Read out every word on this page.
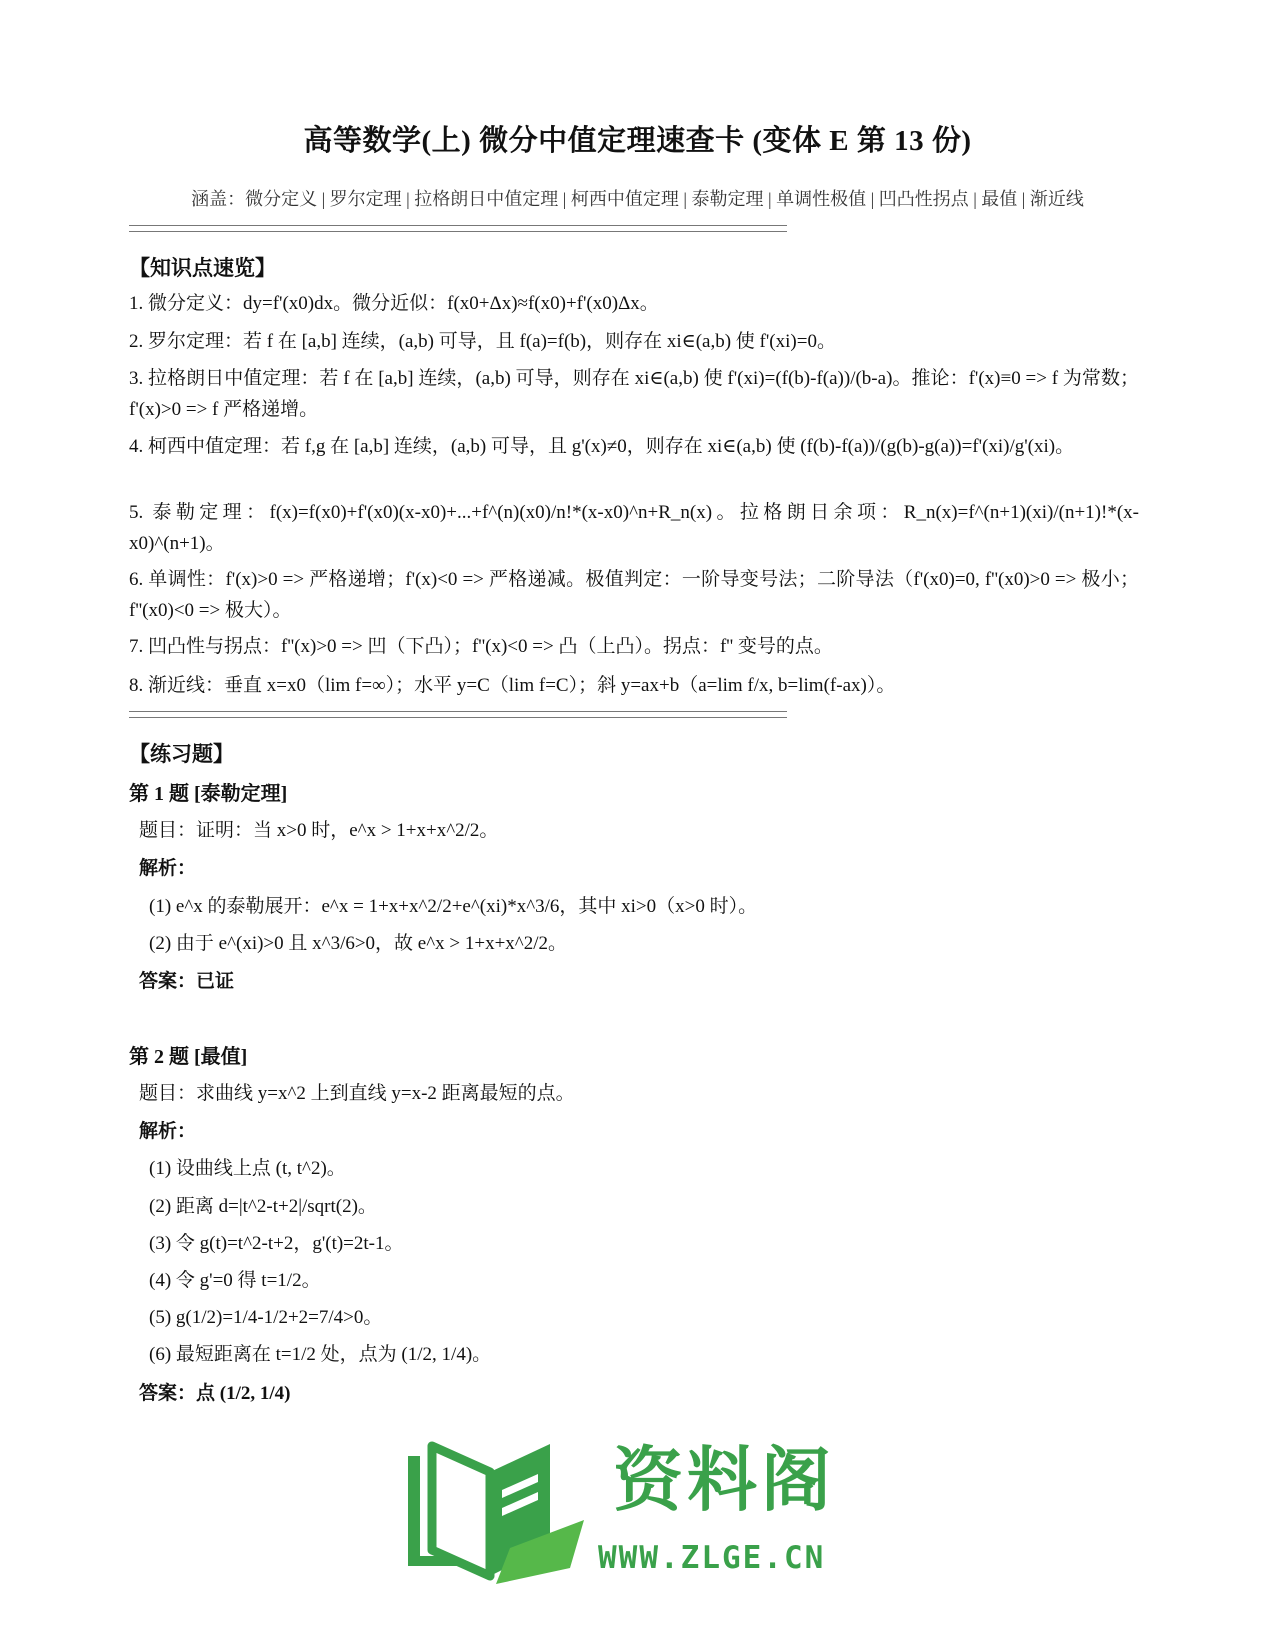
高等数学(上) 微分中值定理速查卡 (变体 E 第 13 份)
涵盖：微分定义 | 罗尔定理 | 拉格朗日中值定理 | 柯西中值定理 | 泰勒定理 | 单调性极值 | 凹凸性拐点 | 最值 | 渐近线
【知识点速览】
1. 微分定义：dy=f'(x0)dx。微分近似：f(x0+Δx)≈f(x0)+f'(x0)Δx。
2. 罗尔定理：若 f 在 [a,b] 连续，(a,b) 可导，且 f(a)=f(b)，则存在 xi∈(a,b) 使 f'(xi)=0。
3. 拉格朗日中值定理：若 f 在 [a,b] 连续，(a,b) 可导，则存在 xi∈(a,b) 使 f'(xi)=(f(b)-f(a))/(b-a)。推论：f'(x)≡0 => f 为常数；f'(x)>0 => f 严格递增。
4. 柯西中值定理：若 f,g 在 [a,b] 连续，(a,b) 可导，且 g'(x)≠0，则存在 xi∈(a,b) 使 (f(b)-f(a))/(g(b)-g(a))=f'(xi)/g'(xi)。
5. 泰勒定理：f(x)=f(x0)+f'(x0)(x-x0)+...+f^(n)(x0)/n!*(x-x0)^n+R_n(x)。拉格朗日余项：R_n(x)=f^(n+1)(xi)/(n+1)!*(x-x0)^(n+1)。
6. 单调性：f'(x)>0 => 严格递增；f'(x)<0 => 严格递减。极值判定：一阶导变号法；二阶导法（f'(x0)=0, f''(x0)>0 => 极小；f''(x0)<0 => 极大）。
7. 凹凸性与拐点：f''(x)>0 => 凹（下凸）；f''(x)<0 => 凸（上凸）。拐点：f'' 变号的点。
8. 渐近线：垂直 x=x0（lim f=∞）；水平 y=C（lim f=C）；斜 y=ax+b（a=lim f/x, b=lim(f-ax)）。
【练习题】
第 1 题 [泰勒定理]
题目：证明：当 x>0 时，e^x > 1+x+x^2/2。
解析：
(1) e^x 的泰勒展开：e^x = 1+x+x^2/2+e^(xi)*x^3/6，其中 xi>0（x>0 时）。
(2) 由于 e^(xi)>0 且 x^3/6>0，故 e^x > 1+x+x^2/2。
答案：已证
第 2 题 [最值]
题目：求曲线 y=x^2 上到直线 y=x-2 距离最短的点。
解析：
(1) 设曲线上点 (t, t^2)。
(2) 距离 d=|t^2-t+2|/sqrt(2)。
(3) 令 g(t)=t^2-t+2，g'(t)=2t-1。
(4) 令 g'=0 得 t=1/2。
(5) g(1/2)=1/4-1/2+2=7/4>0。
(6) 最短距离在 t=1/2 处，点为 (1/2, 1/4)。
答案：点 (1/2, 1/4)
资料阁
WWW.ZLGE.CN
